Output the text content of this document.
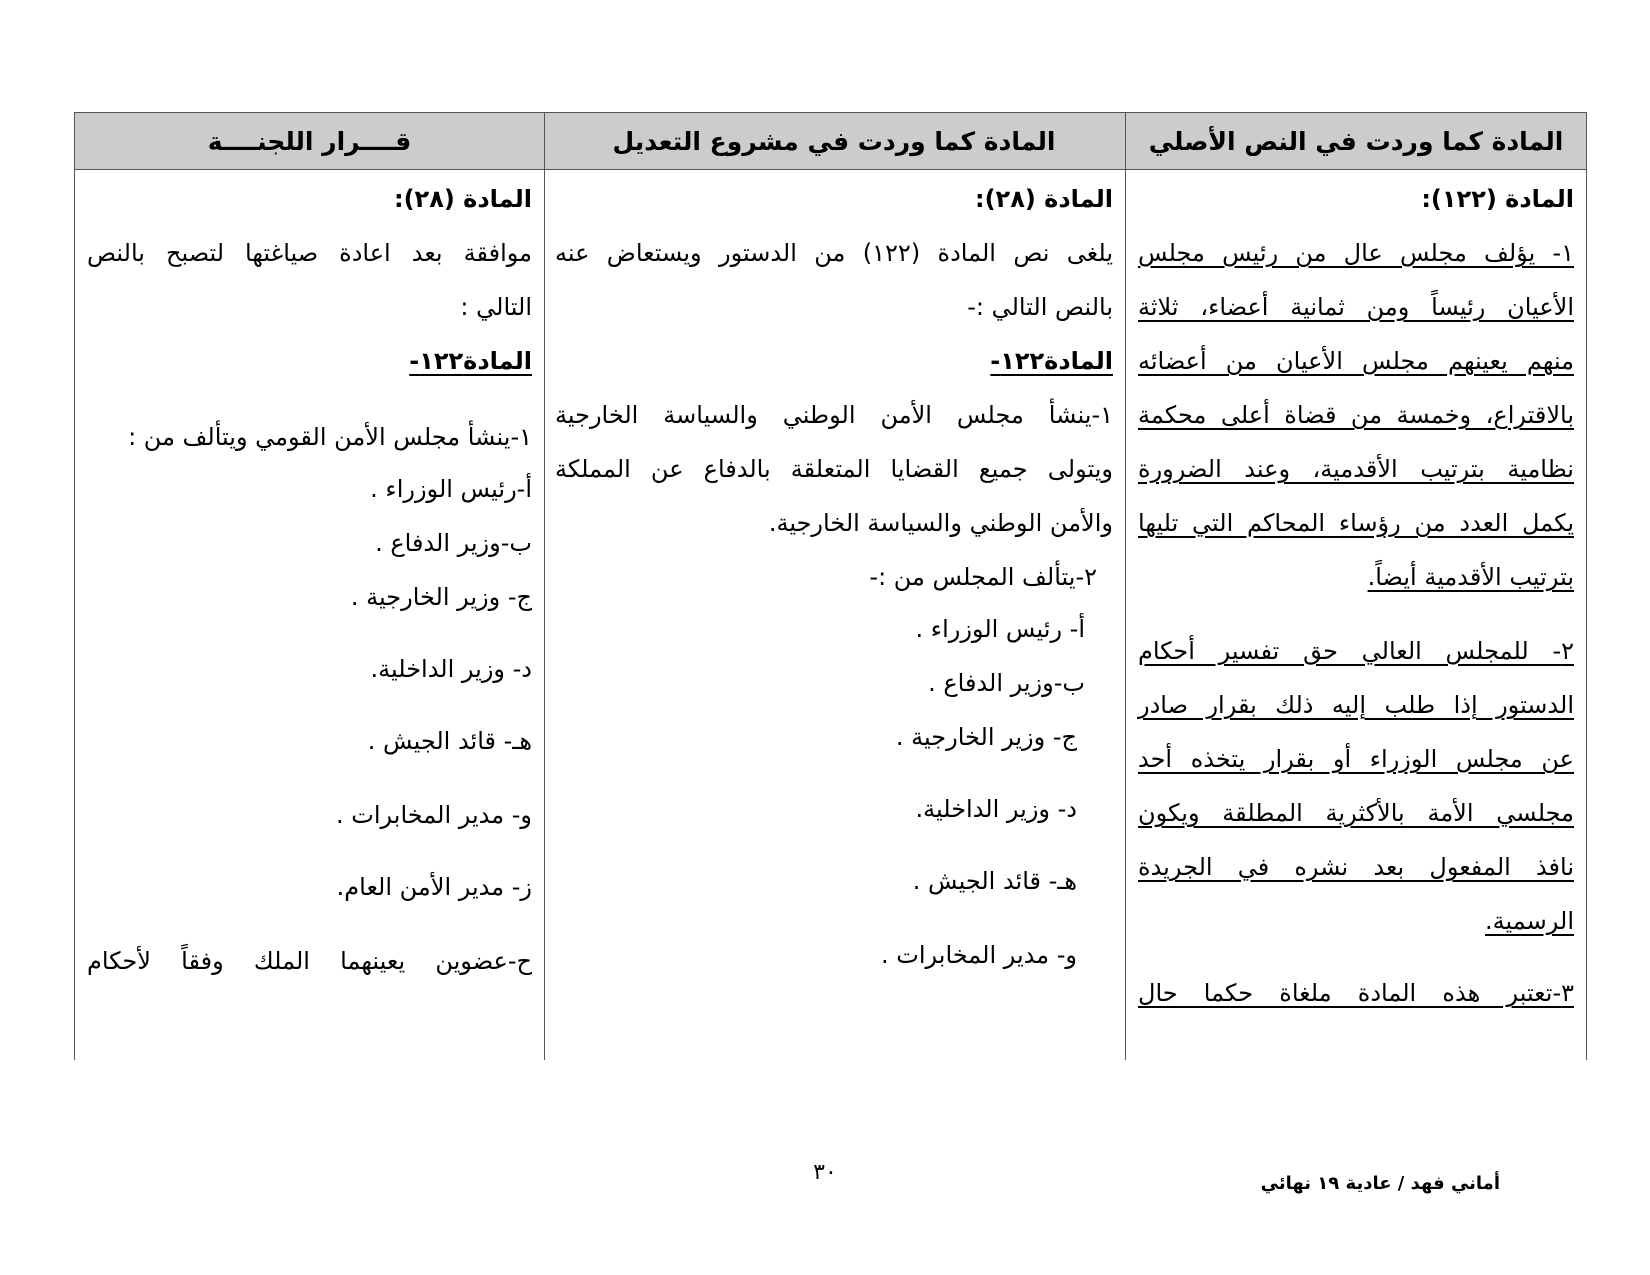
المادة كما وردت في النص الأصلي
المادة (١٢٢):
١- يؤلف مجلس عال من رئيس مجلس
الأعيان رئيساً ومن ثمانية أعضاء، ثلاثة
منهم يعينهم مجلس الأعيان من أعضائه
بالاقتراع، وخمسة من قضاة أعلى محكمة
نظامية بترتيب الأقدمية، وعند الضرورة
يكمل العدد من رؤساء المحاكم التي تليها
بترتيب الأقدمية أيضاً.
٢- للمجلس العالي حق تفسير أحكام
الدستور إذا طلب إليه ذلك بقرار صادر
عن مجلس الوزراء أو بقرار يتخذه أحد
مجلسي الأمة بالأكثرية المطلقة ويكون
نافذ المفعول بعد نشره في الجريدة
الرسمية.
٣-تعتبر هذه المادة ملغاة حكما حال
المادة كما وردت في مشروع التعديل
المادة (٢٨):
يلغى نص المادة (١٢٢) من الدستور ويستعاض عنه
بالنص التالي :-
المادة١٢٢-
١-ينشأ مجلس الأمن الوطني والسياسة الخارجية
ويتولى جميع القضايا المتعلقة بالدفاع عن المملكة
والأمن الوطني والسياسة الخارجية.
٢-يتألف المجلس من :-
أ- رئيس الوزراء .
ب-وزير الدفاع .
ج- وزير الخارجية .
د- وزير الداخلية.
هـ- قائد الجيش .
و- مدير المخابرات .
قــــرار اللجنــــة
المادة (٢٨):
موافقة بعد اعادة صياغتها لتصبح بالنص
التالي :
المادة١٢٢-
١-ينشأ مجلس الأمن القومي ويتألف من :
أ-رئيس الوزراء .
ب-وزير الدفاع .
ج- وزير الخارجية .
د- وزير الداخلية.
هـ- قائد الجيش .
و- مدير المخابرات .
ز- مدير الأمن العام.
ح-عضوين يعينهما الملك وفقاً لأحكام
٣٠	أماني فهد / عادية ١٩ نهائي
